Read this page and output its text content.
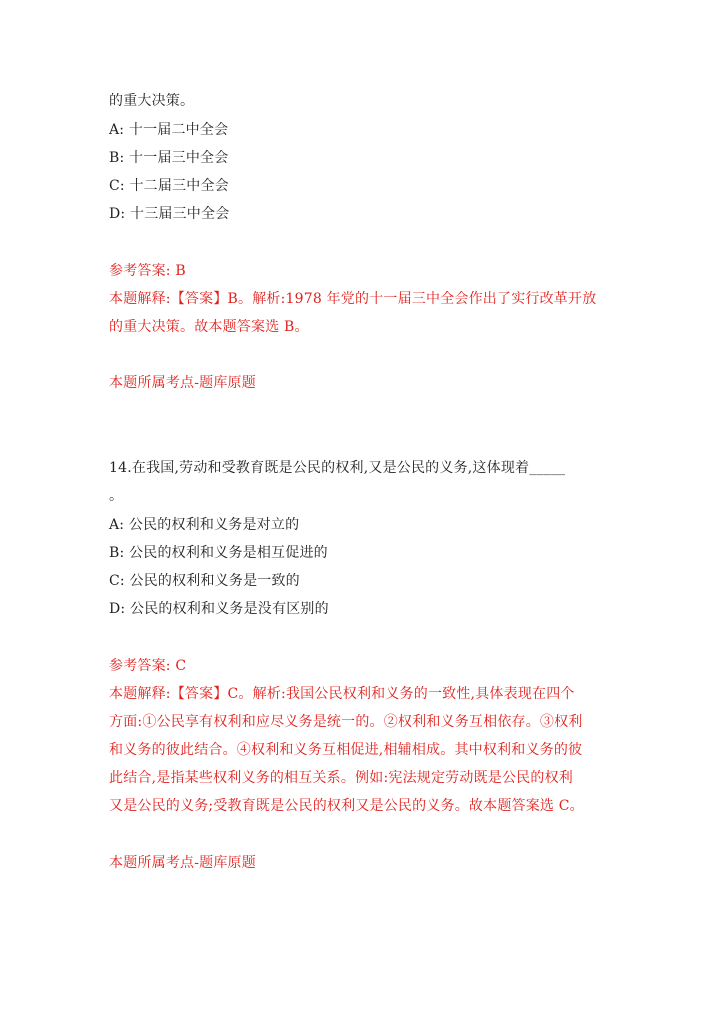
的重大决策。
A: 十一届二中全会
B: 十一届三中全会
C: 十二届三中全会
D: 十三届三中全会
参考答案: B
本题解释:【答案】B。解析:1978 年党的十一届三中全会作出了实行改革开放
的重大决策。故本题答案选 B。
本题所属考点-题库原题
14.在我国,劳动和受教育既是公民的权利,又是公民的义务,这体现着_____
。
A: 公民的权利和义务是对立的
B: 公民的权利和义务是相互促进的
C: 公民的权利和义务是一致的
D: 公民的权利和义务是没有区别的
参考答案: C
本题解释:【答案】C。解析:我国公民权利和义务的一致性,具体表现在四个
方面:①公民享有权利和应尽义务是统一的。②权利和义务互相依存。③权利
和义务的彼此结合。④权利和义务互相促进,相辅相成。其中权利和义务的彼
此结合,是指某些权利义务的相互关系。例如:宪法规定劳动既是公民的权利
又是公民的义务;受教育既是公民的权利又是公民的义务。故本题答案选 C。
本题所属考点-题库原题
